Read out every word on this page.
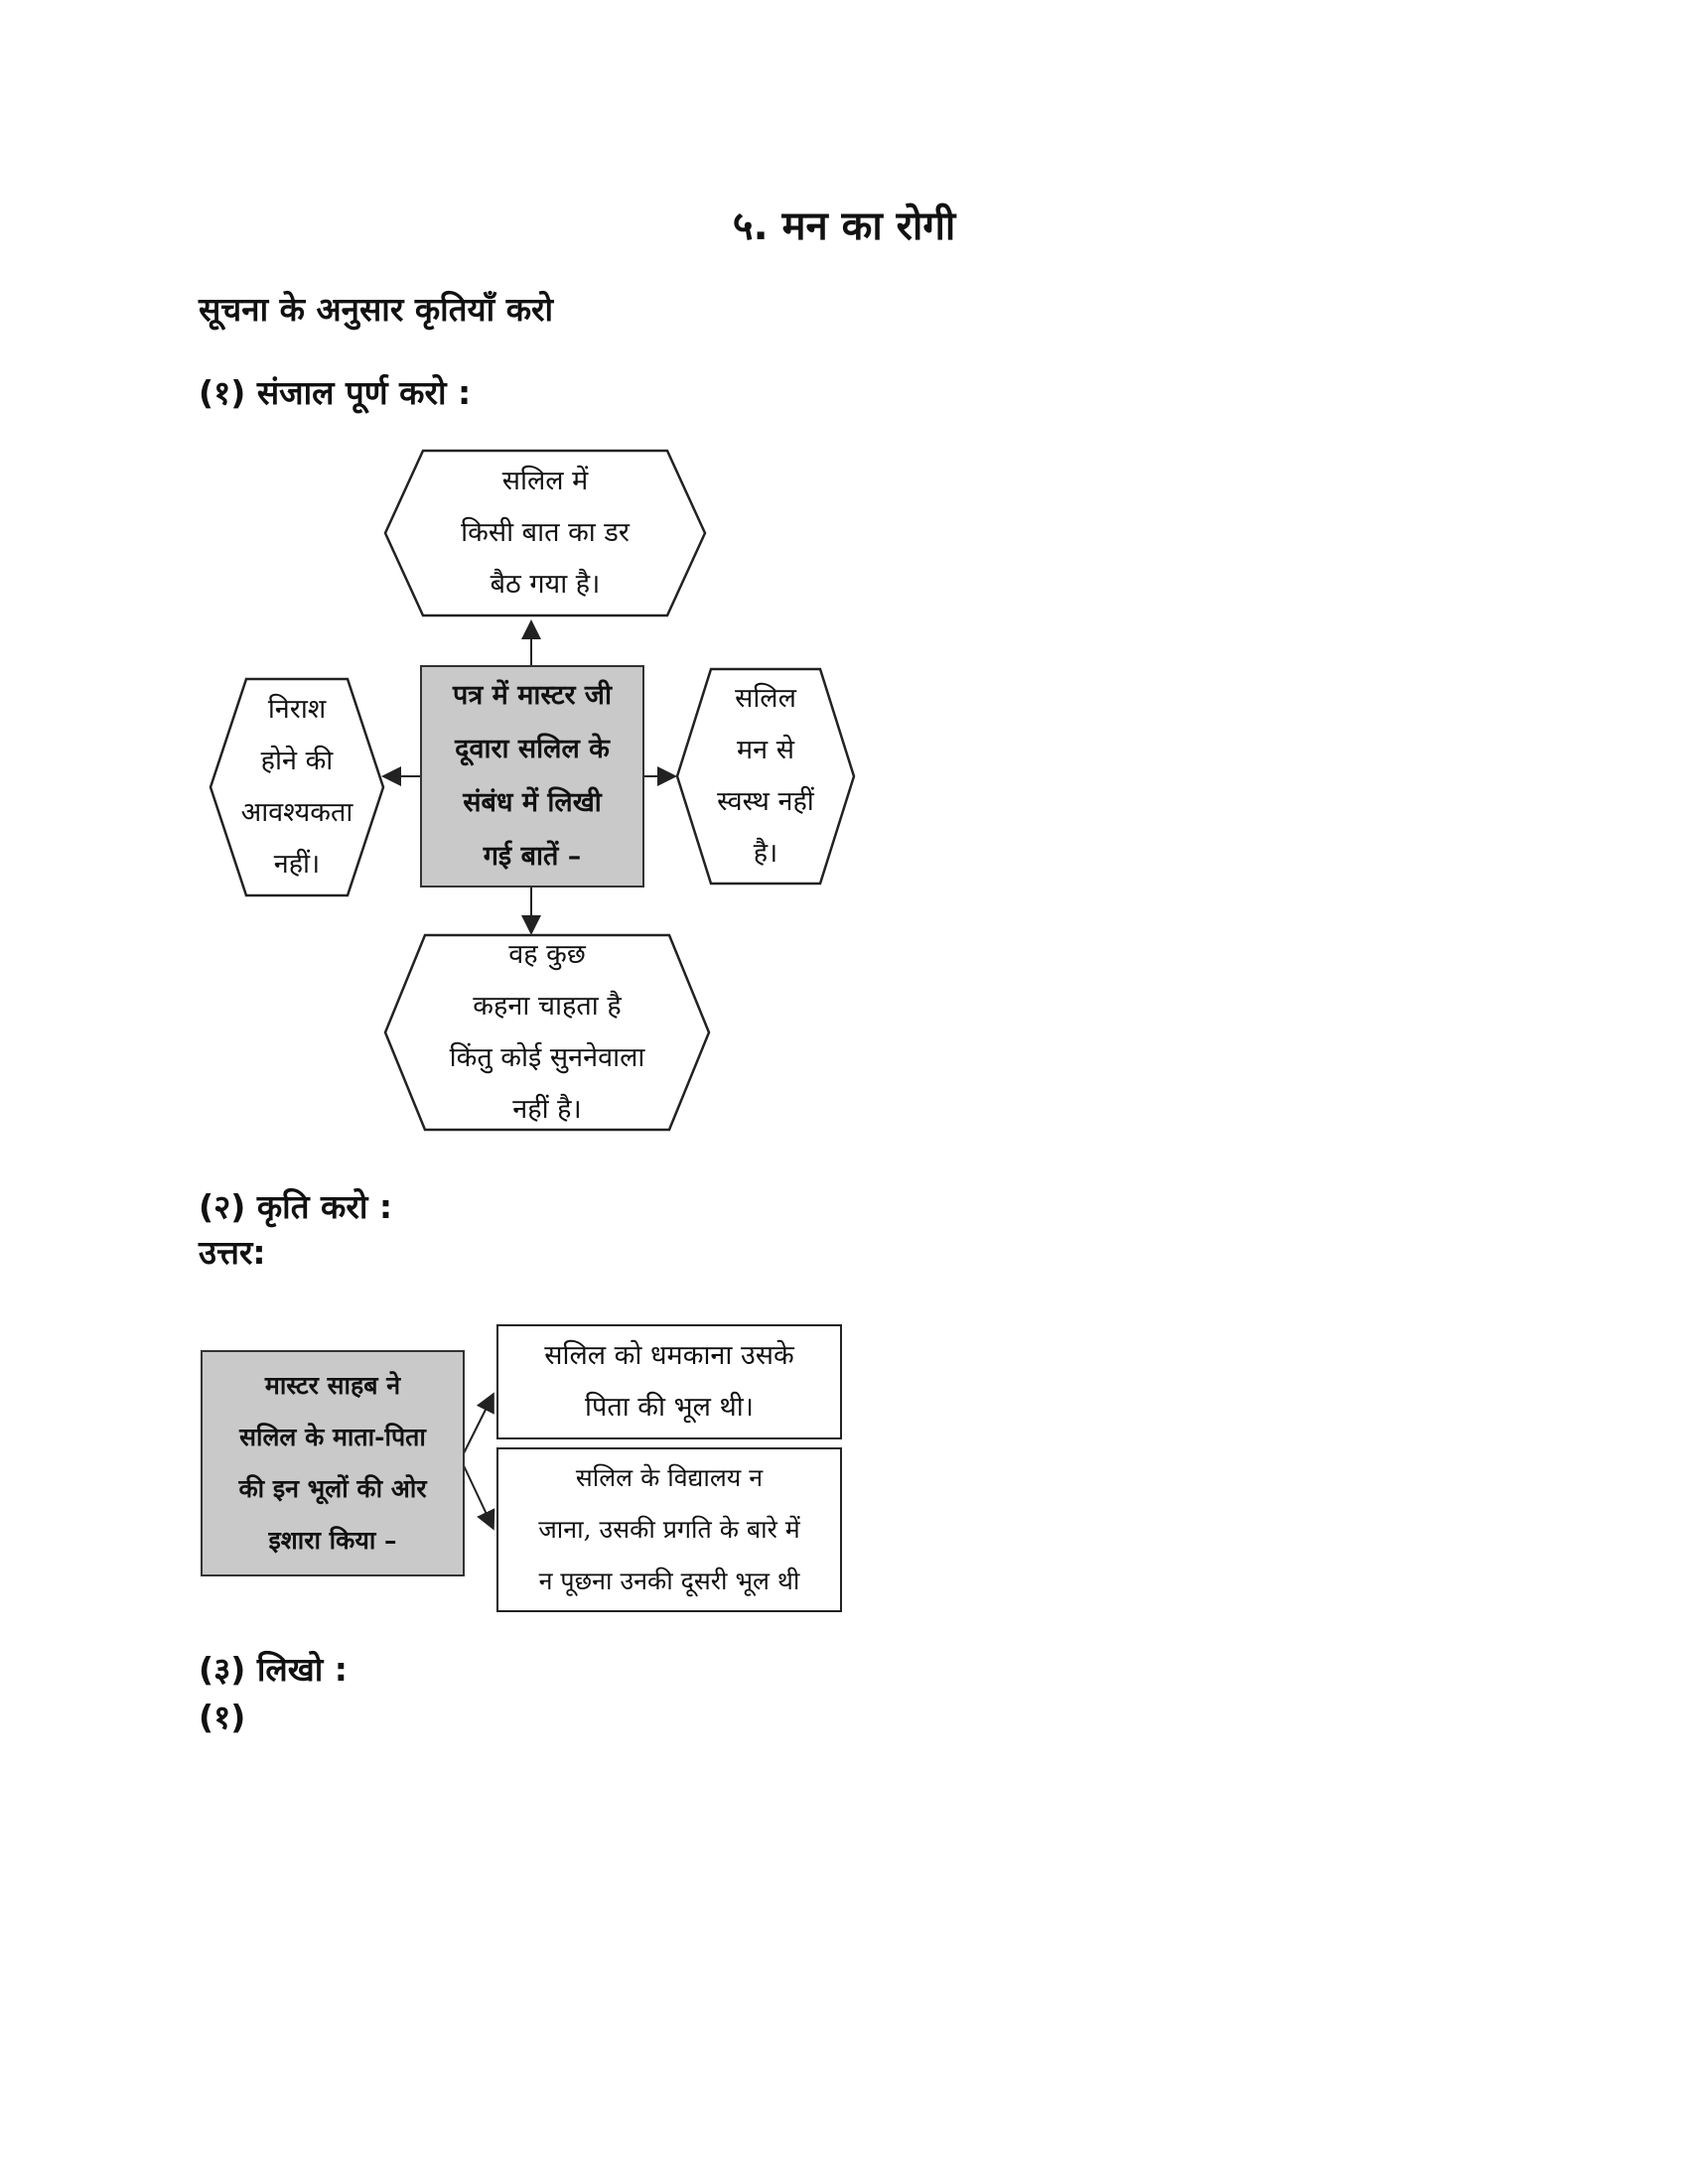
५. मन का रोगी
सूचना के अनुसार कृतियाँ करो
(१) संजाल पूर्ण करो :
सलिल में
किसी बात का डर
बैठ गया है।
पत्र में मास्टर जी
दूवारा सलिल के
संबंध में लिखी
गई बातें –
निराश
होने की
आवश्यकता
नहीं।
सलिल
मन से
स्वस्थ नहीं
है।
वह कुछ
कहना चाहता है
किंतु कोई सुननेवाला
नहीं है।
(२) कृति करो :
उत्तर:
मास्टर साहब ने
सलिल के माता-पिता
की इन भूलों की ओर
इशारा किया –
सलिल को धमकाना उसके
पिता की भूल थी।
सलिल के विद्यालय न
जाना, उसकी प्रगति के बारे में
न पूछना उनकी दूसरी भूल थी
(३) लिखो :
(१)
